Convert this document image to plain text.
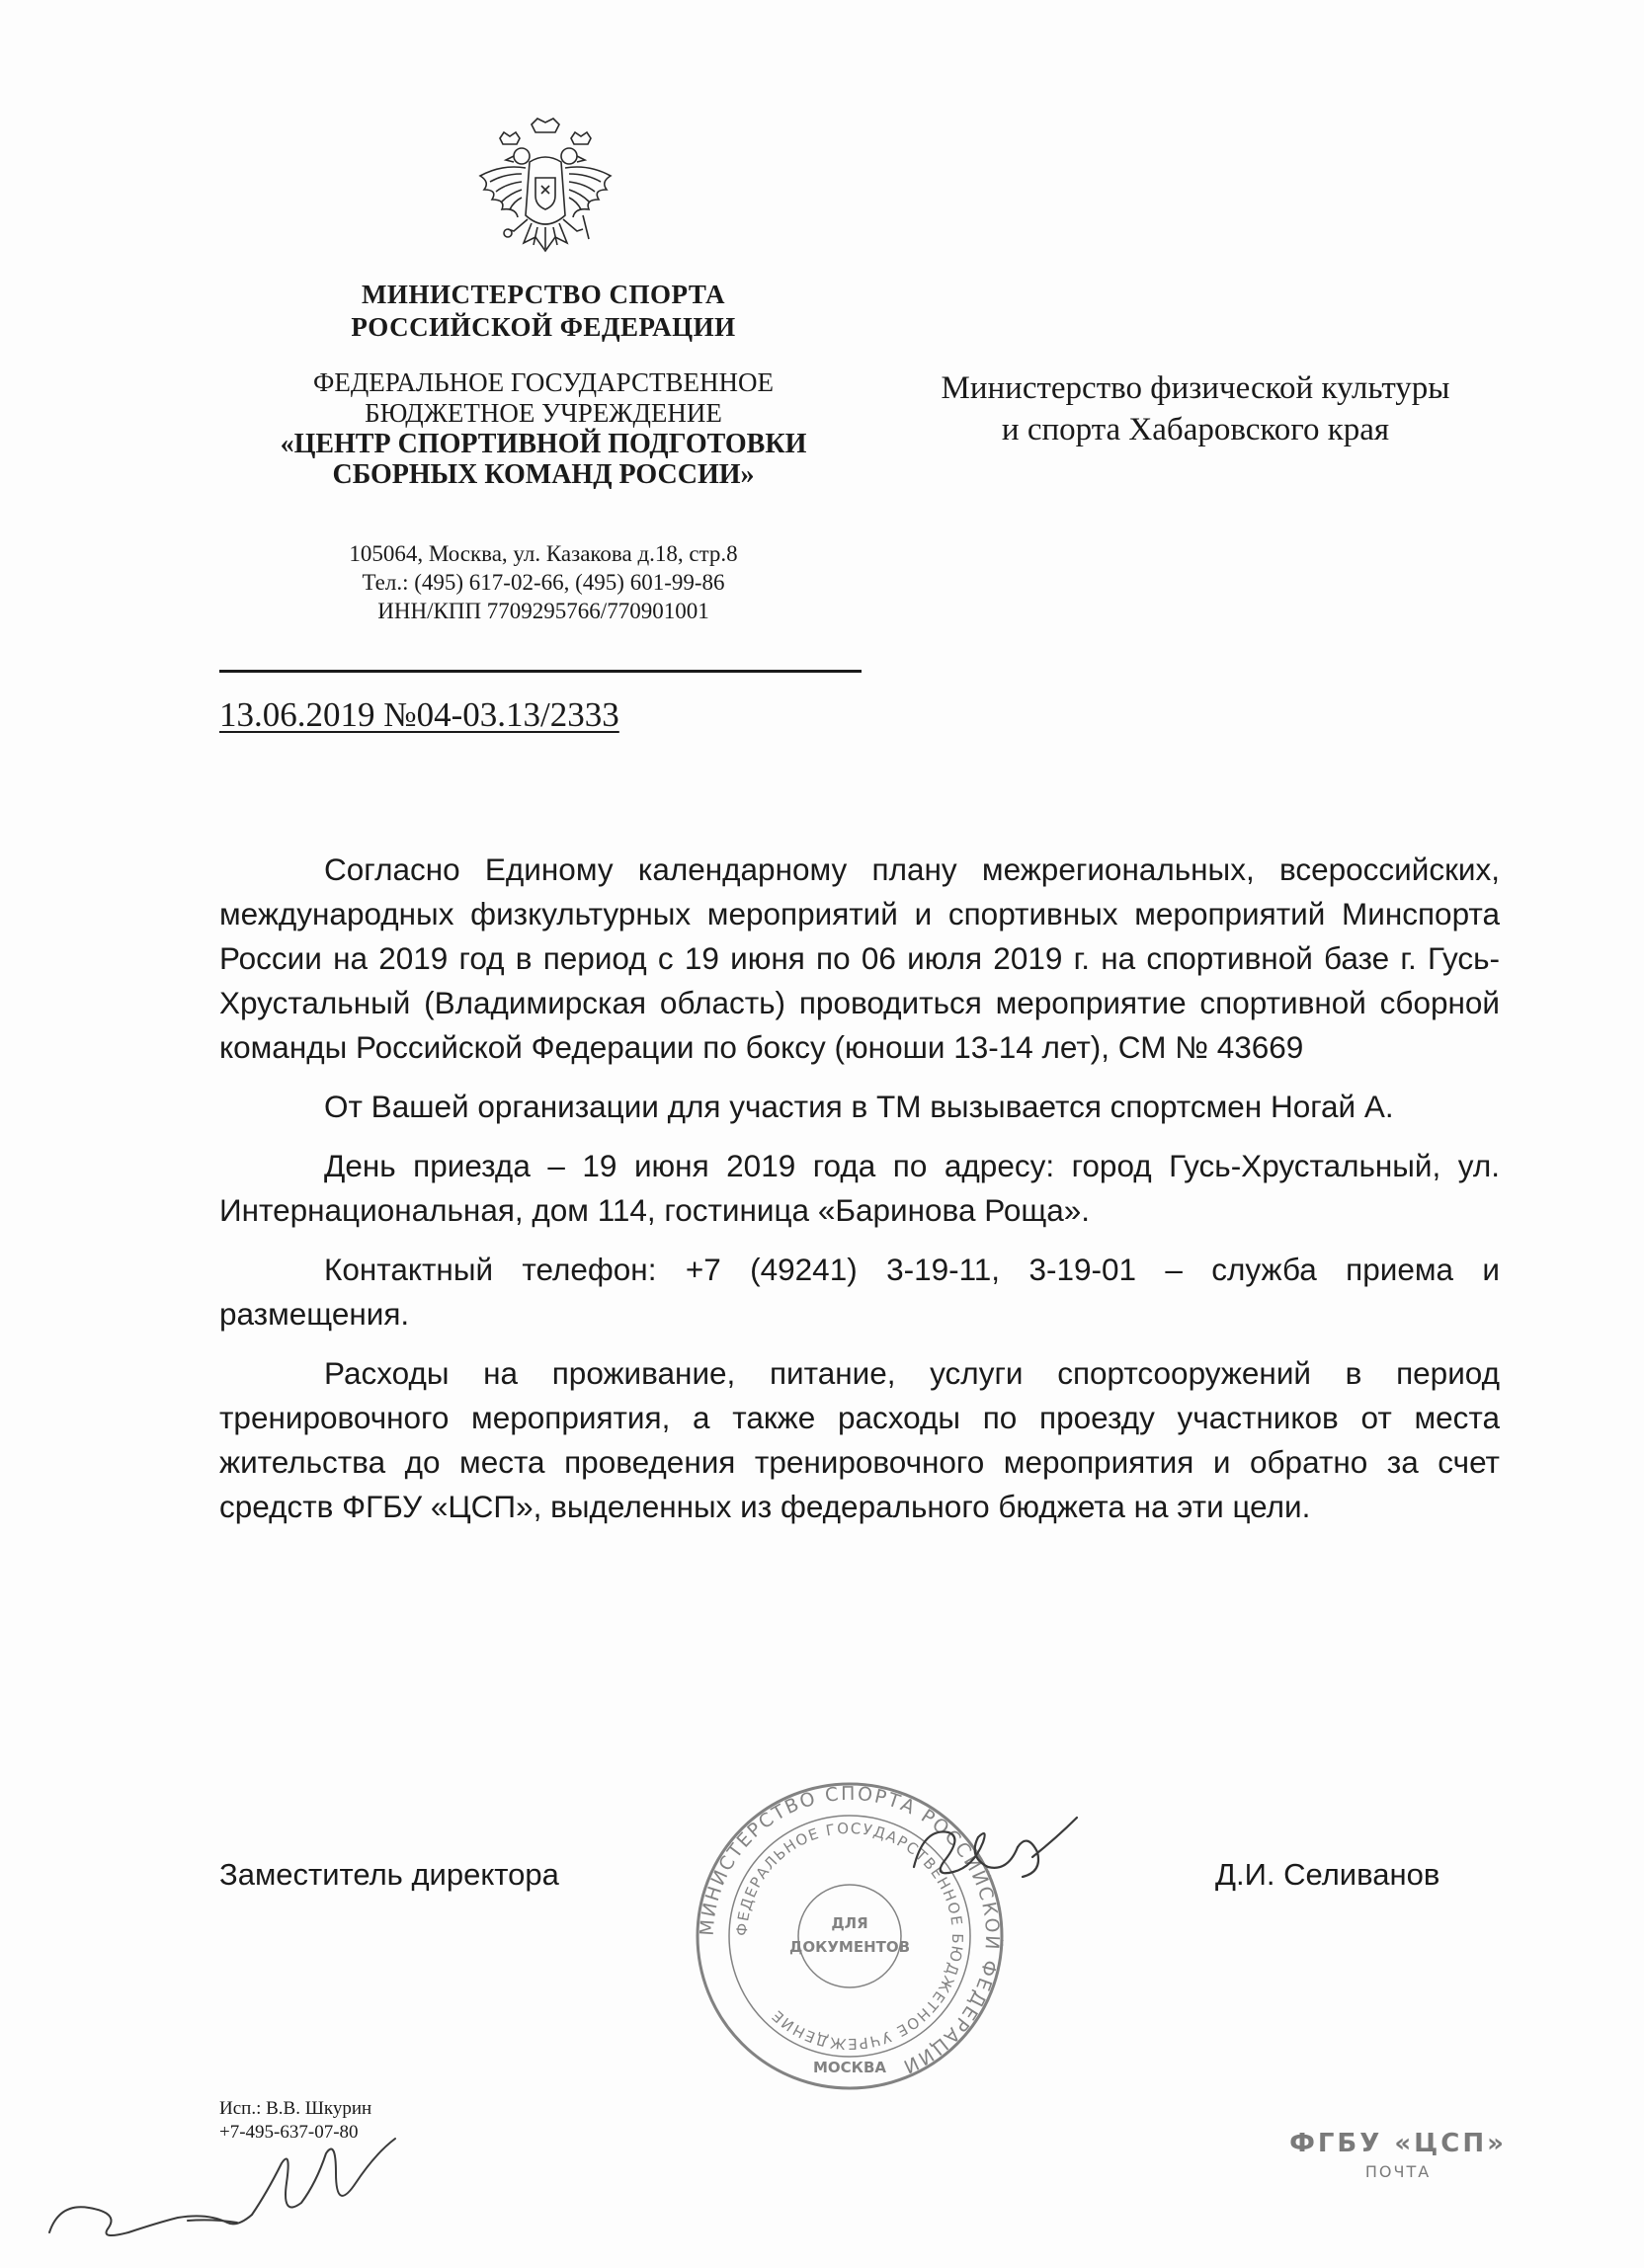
МИНИСТЕРСТВО СПОРТА
РОССИЙСКОЙ ФЕДЕРАЦИИ
ФЕДЕРАЛЬНОЕ ГОСУДАРСТВЕННОЕ
БЮДЖЕТНОЕ УЧРЕЖДЕНИЕ
«ЦЕНТР СПОРТИВНОЙ ПОДГОТОВКИ
СБОРНЫХ КОМАНД РОССИИ»
105064, Москва, ул. Казакова д.18, стр.8
Тел.: (495) 617-02-66, (495) 601-99-86
ИНН/КПП 7709295766/770901001
13.06.2019 №04-03.13/2333
Министерство физической культуры
и спорта Хабаровского края

Согласно Единому календарному плану межрегиональных, всероссийских, международных физкультурных мероприятий и спортивных мероприятий Минспорта России на 2019 год в период с 19 июня по 06 июля 2019 г. на спортивной базе г. Гусь-Хрустальный (Владимирская область) проводиться мероприятие спортивной сборной команды Российской Федерации по боксу (юноши 13-14 лет), СМ № 43669

От Вашей организации для участия в ТМ вызывается спортсмен Ногай А.

День приезда – 19 июня 2019 года по адресу: город Гусь-Хрустальный, ул. Интернациональная, дом 114, гостиница «Баринова Роща».

Контактный телефон: +7 (49241) 3-19-11, 3-19-01 – служба приема и размещения.

Расходы на проживание, питание, услуги спортсооружений в период тренировочного мероприятия, а также расходы по проезду участников от места жительства до места проведения тренировочного мероприятия и обратно за счет средств ФГБУ «ЦСП», выделенных из федерального бюджета на эти цели.

МИНИСТЕРСТВО СПОРТА РОССИЙСКОЙ ФЕДЕРАЦИИ
ФЕДЕРАЛЬНОЕ ГОСУДАРСТВЕННОЕ БЮДЖЕТНОЕ УЧРЕЖДЕНИЕ
ДЛЯ
ДОКУМЕНТОВ
МОСКВА
Заместитель директора	Д.И. Селиванов
Исп.: В.В. Шкурин
+7-495-637-07-80	ФГБУ «ЦСП»
ПОЧТА
